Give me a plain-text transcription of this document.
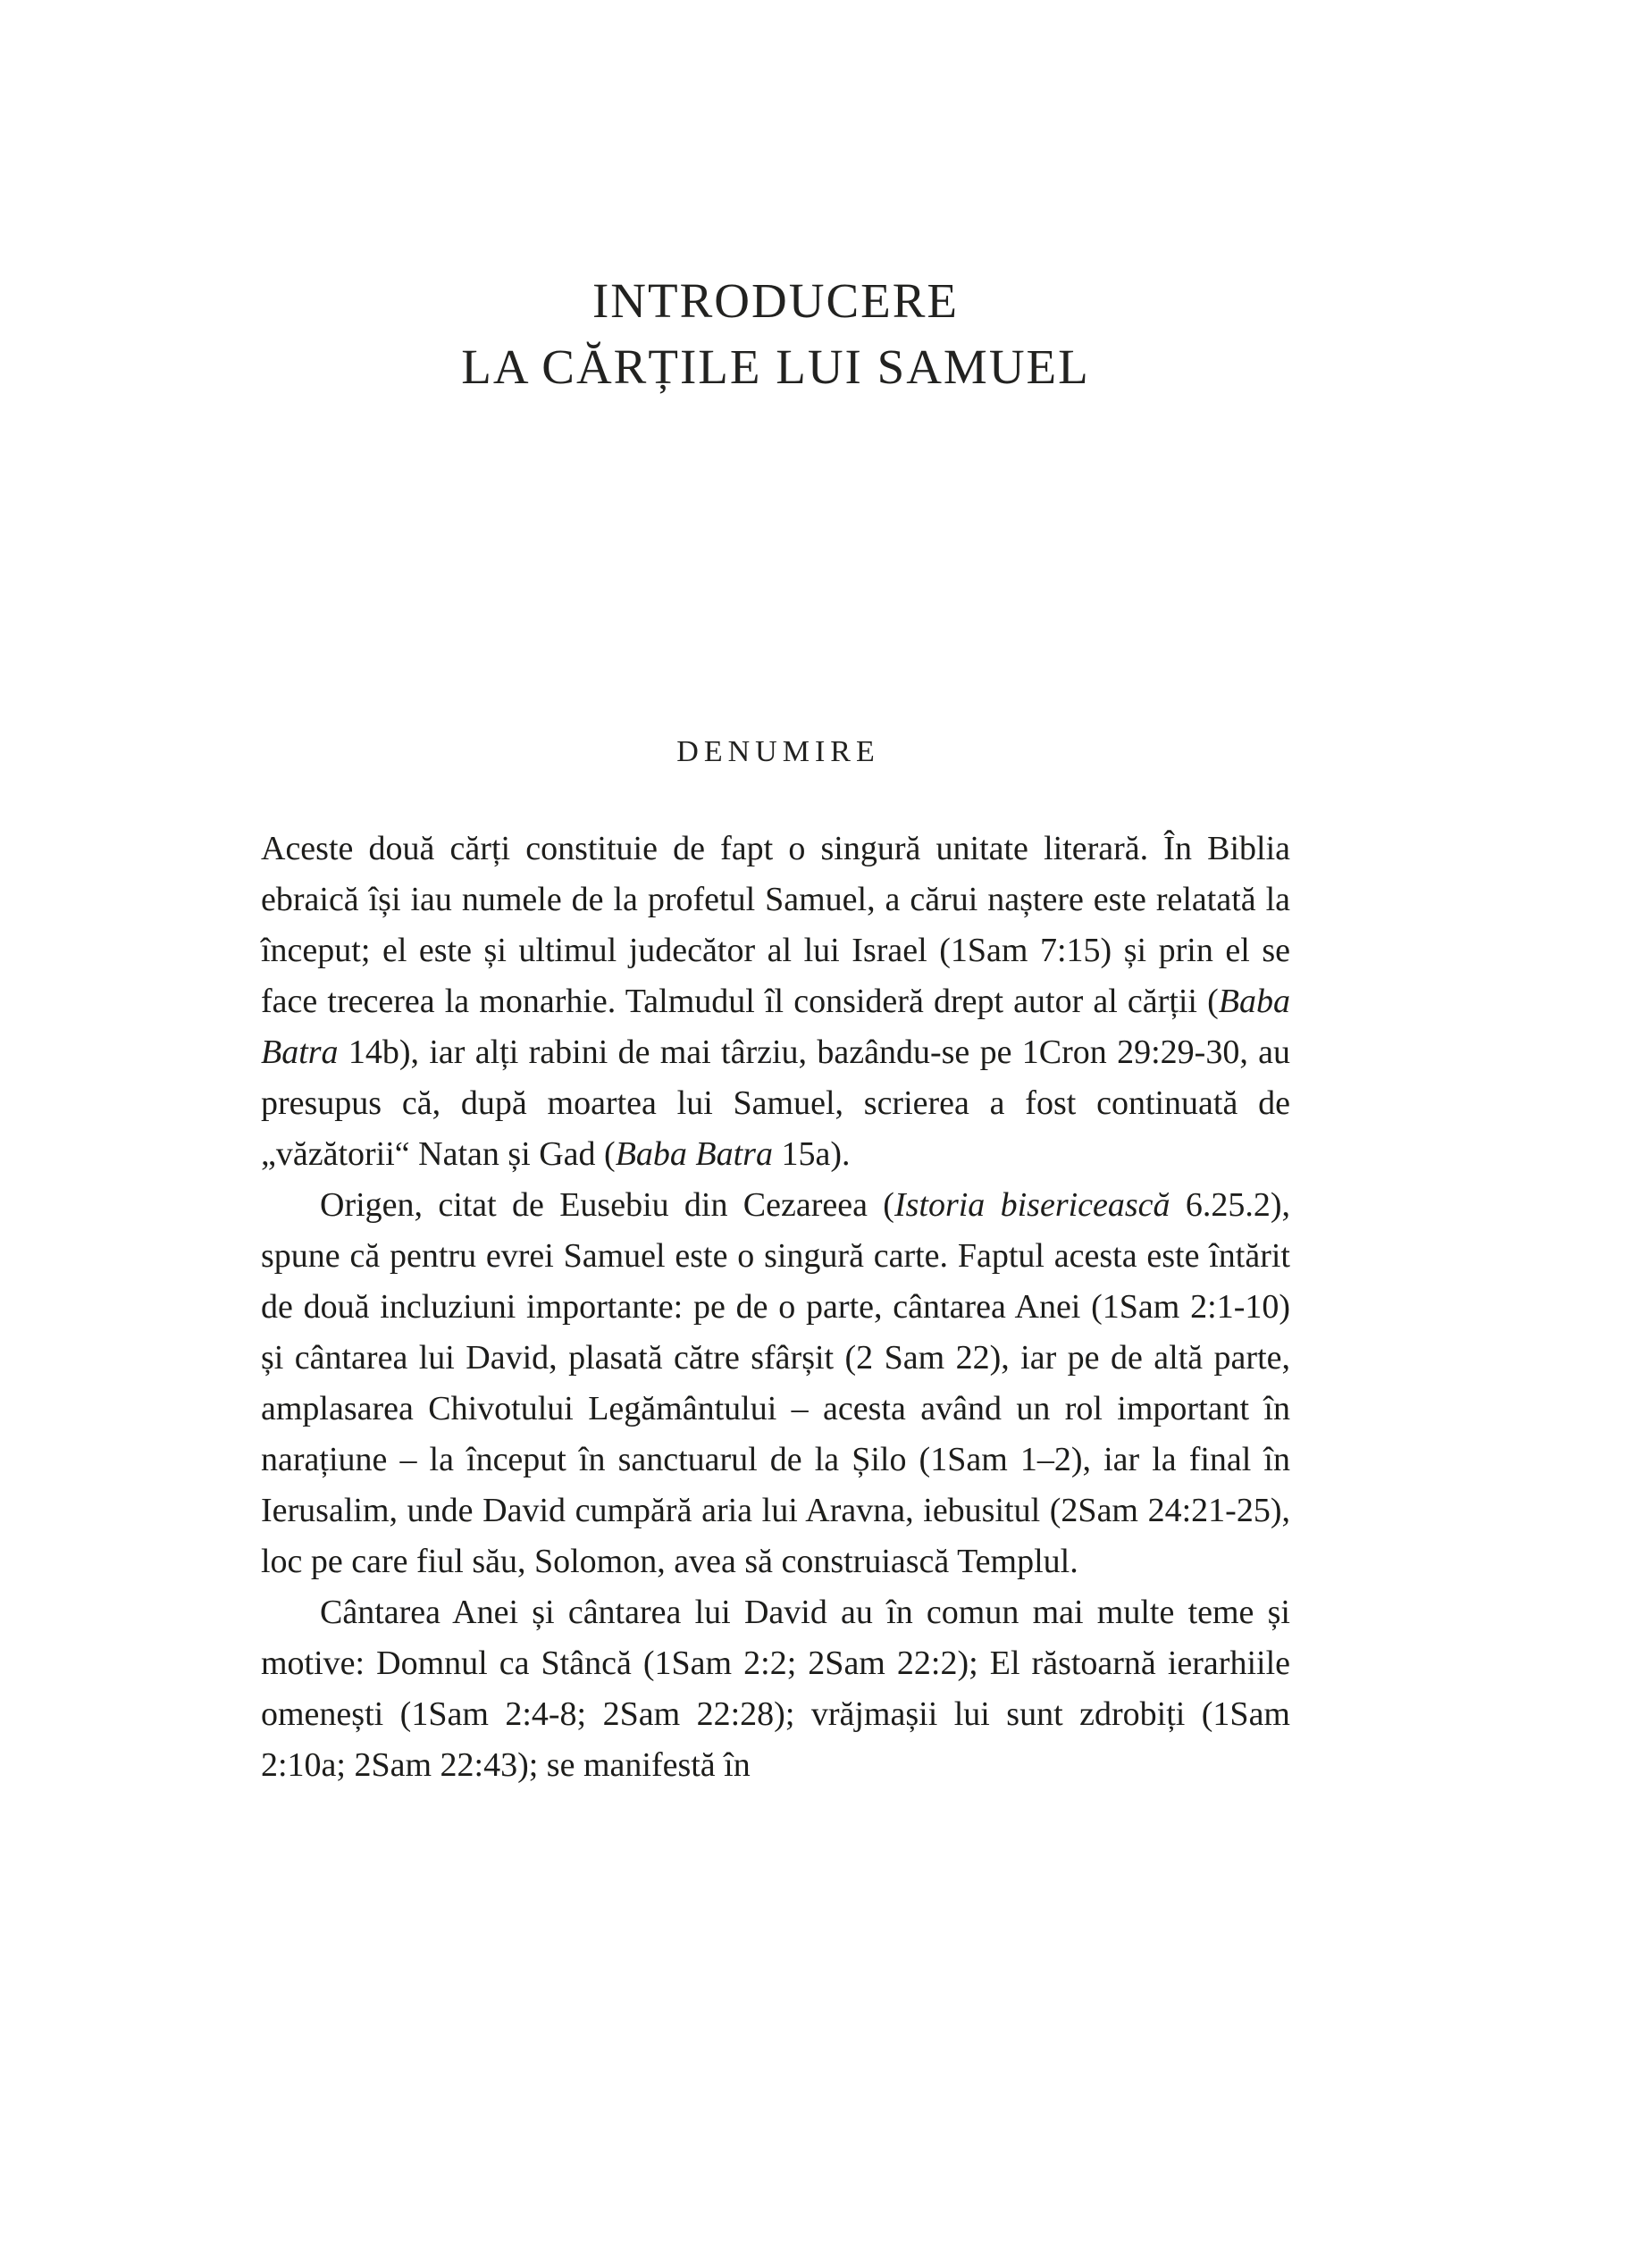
INTRODUCERE
LA CĂRȚILE LUI SAMUEL
DENUMIRE

Aceste două cărți constituie de fapt o singură unitate literară. În Biblia ebraică își iau numele de la profetul Samuel, a cărui naștere este relatată la început; el este și ultimul judecător al lui Israel (1Sam 7:15) și prin el se face trecerea la monarhie. Talmudul îl consideră drept autor al cărții (Baba Batra 14b), iar alți rabini de mai târziu, bazându-se pe 1Cron 29:29-30, au presupus că, după moartea lui Samuel, scrierea a fost continuată de „văzătorii“ Natan și Gad (Baba Batra 15a).

Origen, citat de Eusebiu din Cezareea (Istoria bisericească 6.25.2), spune că pentru evrei Samuel este o singură carte. Faptul acesta este întărit de două incluziuni importante: pe de o parte, cântarea Anei (1Sam 2:1-10) și cântarea lui David, plasată către sfârșit (2 Sam 22), iar pe de altă parte, amplasarea Chivotului Legământului – acesta având un rol important în narațiune – la început în sanctuarul de la Șilo (1Sam 1–2), iar la final în Ierusalim, unde David cumpără aria lui Aravna, iebusitul (2Sam 24:21-25), loc pe care fiul său, Solomon, avea să construiască Templul.

Cântarea Anei și cântarea lui David au în comun mai multe teme și motive: Domnul ca Stâncă (1Sam 2:2; 2Sam 22:2); El răstoarnă ierarhiile omenești (1Sam 2:4-8; 2Sam 22:28); vrăjmașii lui sunt zdrobiți (1Sam 2:10a; 2Sam 22:43); se manifestă în
